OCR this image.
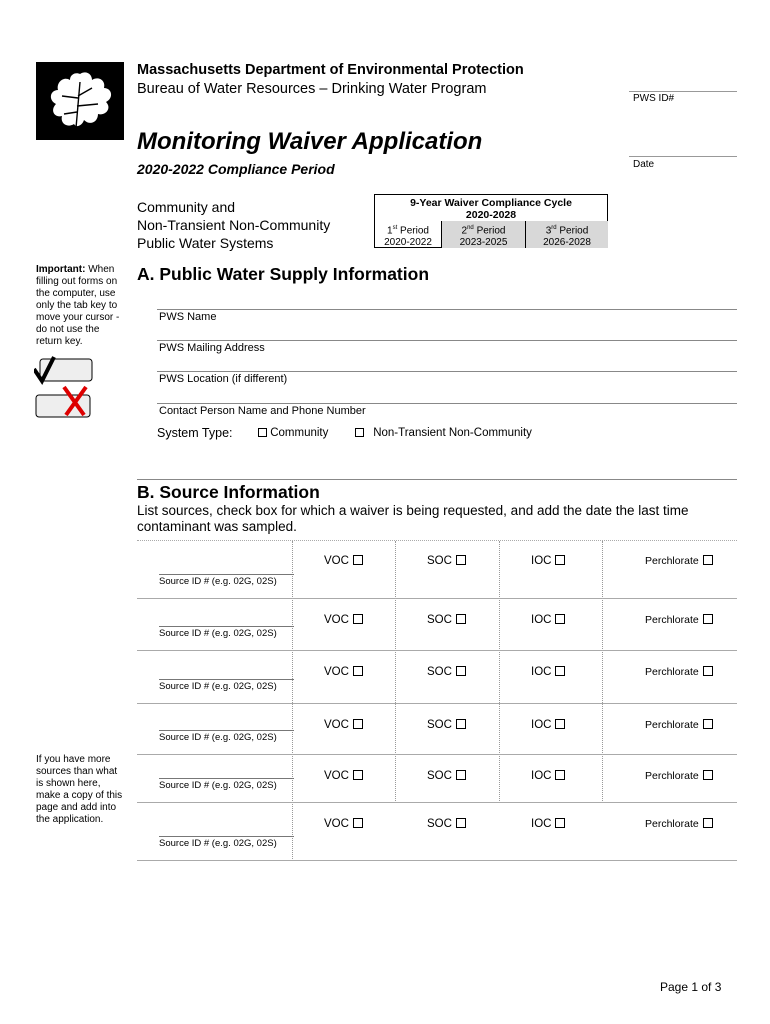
Massachusetts Department of Environmental Protection
Bureau of Water Resources – Drinking Water Program
PWS ID#
Monitoring Waiver Application
2020-2022 Compliance Period	Date
Community and
Non-Transient Non-Community
Public Water Systems
9-Year Waiver Compliance Cycle
2020-2028
1st Period
2020-2022
2nd Period
2023-2025
3rd Period
2026-2028
Important: When filling out forms on the computer, use only the tab key to move your cursor - do not use the return key.
A. Public Water Supply Information
PWS Name
PWS Mailing Address
PWS Location (if different)
Contact Person Name and Phone Number
System Type:	Community	Non-Transient Non-Community
B. Source Information
List sources, check box for which a waiver is being requested, and add the date the last time contaminant was sampled.
Source ID # (e.g. 02G, 02S)
VOC	SOC	IOC	Perchlorate
Source ID # (e.g. 02G, 02S)
VOC	SOC	IOC	Perchlorate
Source ID # (e.g. 02G, 02S)
VOC	SOC	IOC	Perchlorate
Source ID # (e.g. 02G, 02S)
VOC	SOC	IOC	Perchlorate
Source ID # (e.g. 02G, 02S)
VOC	SOC	IOC	Perchlorate
Source ID # (e.g. 02G, 02S)
VOC	SOC	IOC	Perchlorate
If you have more sources than what is shown here, make a copy of this page and add into the application.
Page 1 of 3
